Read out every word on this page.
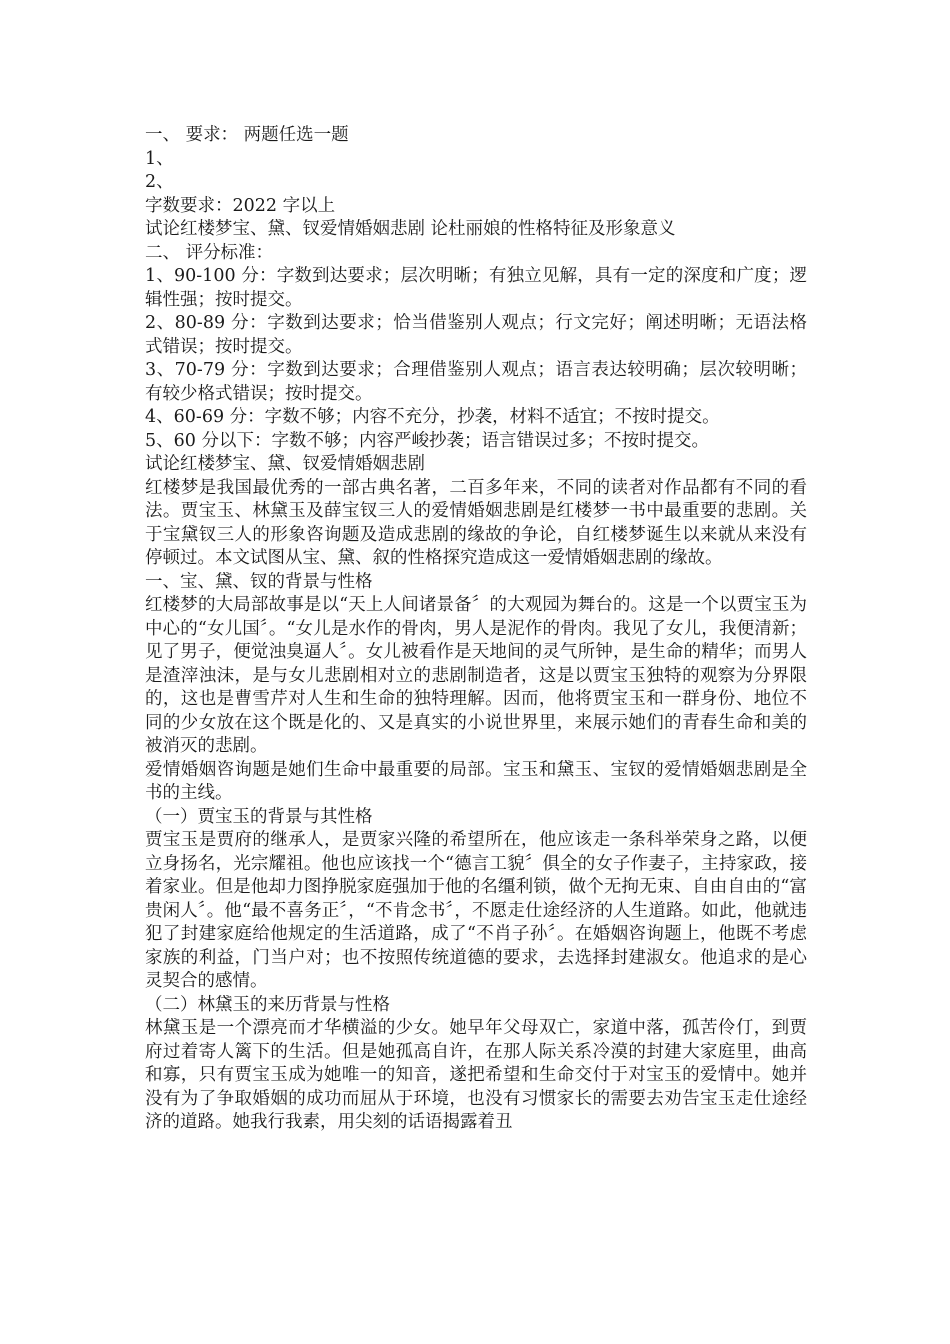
一、 要求： 两题任选一题

1、

2、

字数要求：2022 字以上

试论红楼梦宝、黛、钗爱情婚姻悲剧 论杜丽娘的性格特征及形象意义

二、 评分标准：

1、90-100 分：字数到达要求；层次明晰；有独立见解，具有一定的深度和广度；逻辑性强；按时提交。

2、80-89 分：字数到达要求；恰当借鉴别人观点；行文完好；阐述明晰；无语法格式错误；按时提交。

3、70-79 分：字数到达要求；合理借鉴别人观点；语言表达较明确；层次较明晰；有较少格式错误；按时提交。

4、60-69 分：字数不够；内容不充分，抄袭，材料不适宜；不按时提交。

5、60 分以下：字数不够；内容严峻抄袭；语言错误过多；不按时提交。

试论红楼梦宝、黛、钗爱情婚姻悲剧

红楼梦是我国最优秀的一部古典名著，二百多年来，不同的读者对作品都有不同的看法。贾宝玉、林黛玉及薛宝钗三人的爱情婚姻悲剧是红楼梦一书中最重要的悲剧。关于宝黛钗三人的形象咨询题及造成悲剧的缘故的争论，自红楼梦诞生以来就从来没有停顿过。本文试图从宝、黛、叙的性格探究造成这一爱情婚姻悲剧的缘故。

一、宝、黛、钗的背景与性格

红楼梦的大局部故事是以“天上人间诸景备〞的大观园为舞台的。这是一个以贾宝玉为中心的“女儿国〞。“女儿是水作的骨肉，男人是泥作的骨肉。我见了女儿，我便清新；见了男子，便觉浊臭逼人〞。女儿被看作是天地间的灵气所钟，是生命的精华；而男人是渣滓浊沫，是与女儿悲剧相对立的悲剧制造者，这是以贾宝玉独特的观察为分界限的，这也是曹雪芹对人生和生命的独特理解。因而，他将贾宝玉和一群身份、地位不同的少女放在这个既是化的、又是真实的小说世界里，来展示她们的青春生命和美的被消灭的悲剧。

爱情婚姻咨询题是她们生命中最重要的局部。宝玉和黛玉、宝钗的爱情婚姻悲剧是全书的主线。

（一）贾宝玉的背景与其性格

贾宝玉是贾府的继承人，是贾家兴隆的希望所在，他应该走一条科举荣身之路，以便立身扬名，光宗耀祖。他也应该找一个“德言工貌〞俱全的女子作妻子，主持家政，接着家业。但是他却力图挣脱家庭强加于他的名缰利锁，做个无拘无束、自由自由的“富贵闲人〞。他“最不喜务正〞，“不肯念书〞，不愿走仕途经济的人生道路。如此，他就违犯了封建家庭给他规定的生活道路，成了“不肖子孙〞。在婚姻咨询题上，他既不考虑家族的利益，门当户对；也不按照传统道德的要求，去选择封建淑女。他追求的是心灵契合的感情。

（二）林黛玉的来历背景与性格

林黛玉是一个漂亮而才华横溢的少女。她早年父母双亡，家道中落，孤苦伶仃，到贾府过着寄人篱下的生活。但是她孤高自许，在那人际关系冷漠的封建大家庭里，曲高和寡，只有贾宝玉成为她唯一的知音，遂把希望和生命交付于对宝玉的爱情中。她并没有为了争取婚姻的成功而屈从于环境，也没有习惯家长的需要去劝告宝玉走仕途经济的道路。她我行我素，用尖刻的话语揭露着丑
